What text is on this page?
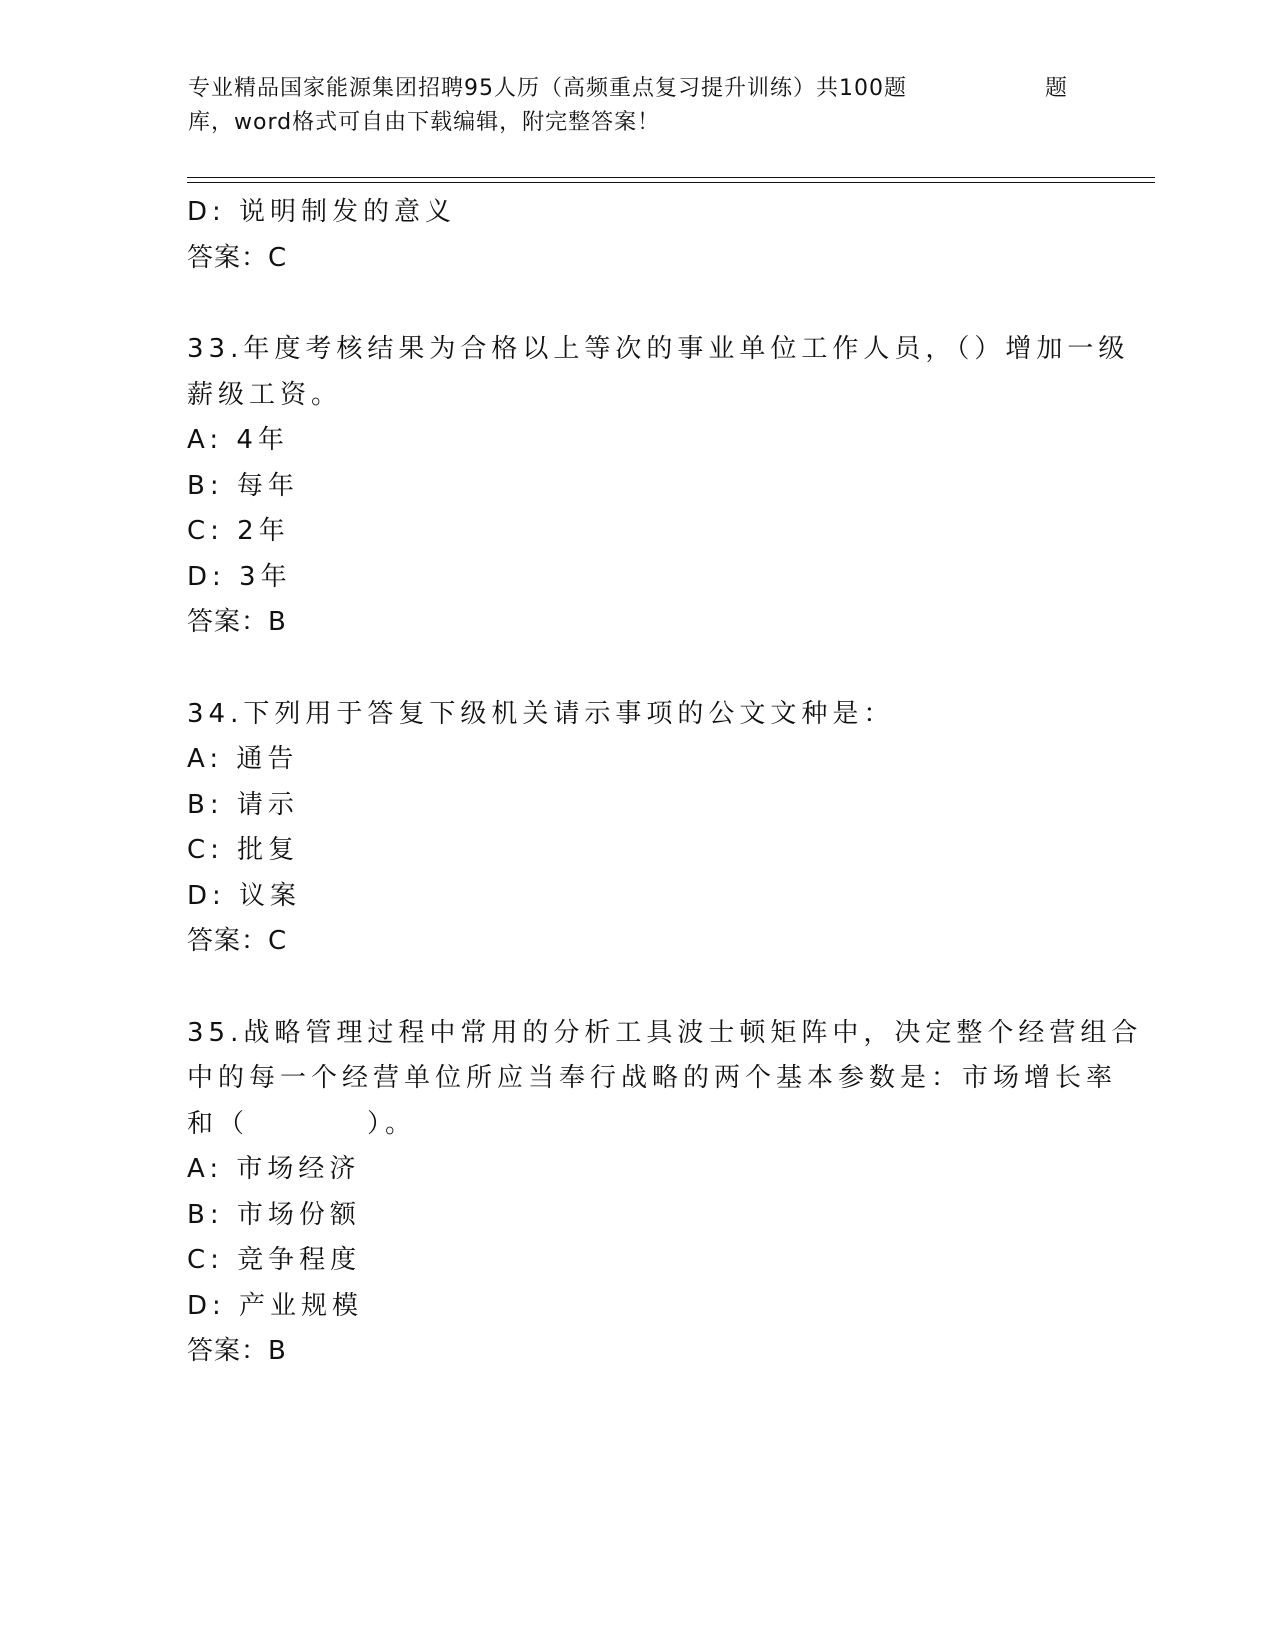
专业精品国家能源集团招聘95人历（高频重点复习提升训练）共100题	题
库，word格式可自由下载编辑，附完整答案！
D: 说明制发的意义
答案：C
33.年度考核结果为合格以上等次的事业单位工作人员，（）增加一级
薪级工资。
A: 4年
B: 每年
C: 2年
D: 3年
答案：B
34.下列用于答复下级机关请示事项的公文文种是：
A: 通告
B: 请示
C: 批复
D: 议案
答案：C
35.战略管理过程中常用的分析工具波士顿矩阵中，决定整个经营组合
中的每一个经营单位所应当奉行战略的两个基本参数是：市场增长率
和（	）。
A: 市场经济
B: 市场份额
C: 竞争程度
D: 产业规模
答案：B
